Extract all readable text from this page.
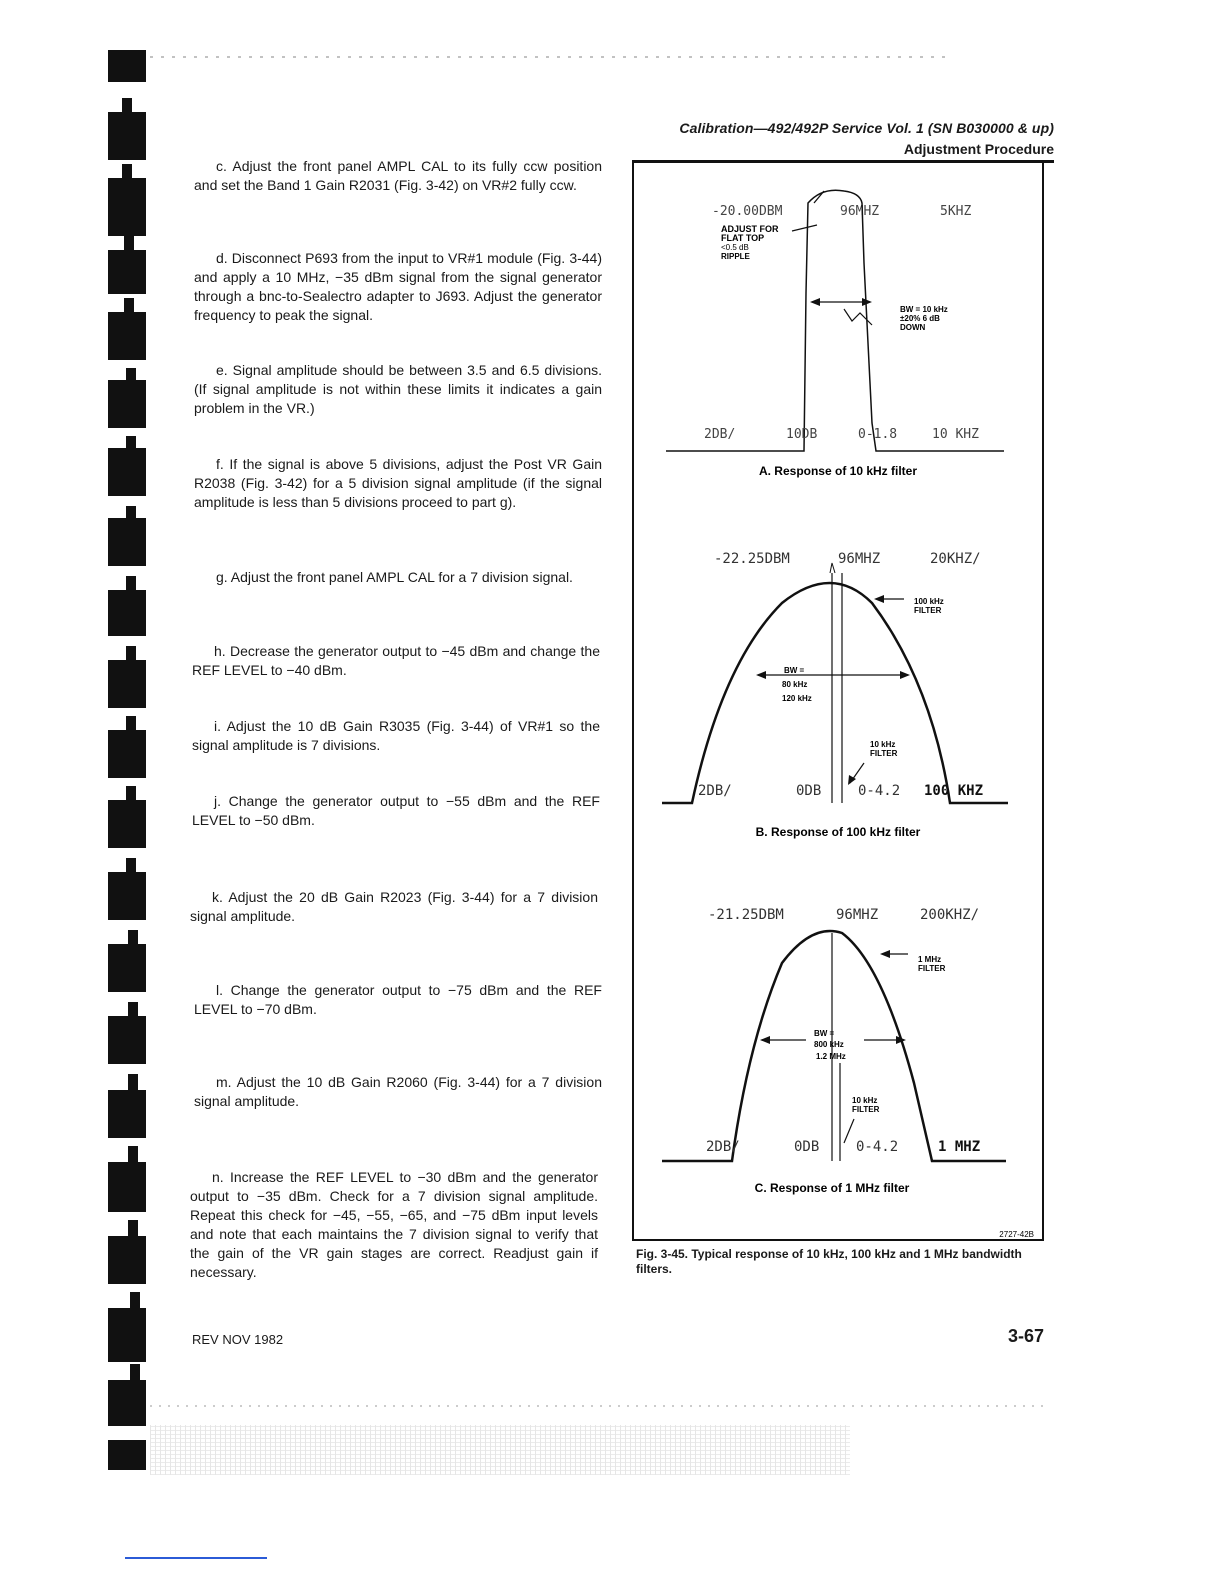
Calibration—492/492P Service Vol. 1 (SN B030000 & up)
Adjustment Procedure

c. Adjust the front panel AMPL CAL to its fully ccw position and set the Band 1 Gain R2031 (Fig. 3-42) on VR#2 fully ccw.

d. Disconnect P693 from the input to VR#1 module (Fig. 3-44) and apply a 10 MHz, −35 dBm signal from the signal generator through a bnc-to-Sealectro adapter to J693. Adjust the generator frequency to peak the signal.

e. Signal amplitude should be between 3.5 and 6.5 divisions. (If signal amplitude is not within these limits it indicates a gain problem in the VR.)

f. If the signal is above 5 divisions, adjust the Post VR Gain R2038 (Fig. 3-42) for a 5 division signal amplitude (if the signal amplitude is less than 5 divisions proceed to part g).

g. Adjust the front panel AMPL CAL for a 7 division signal.

h. Decrease the generator output to −45 dBm and change the REF LEVEL to −40 dBm.

i. Adjust the 10 dB Gain R3035 (Fig. 3-44) of VR#1 so the signal amplitude is 7 divisions.

j. Change the generator output to −55 dBm and the REF LEVEL to −50 dBm.

k. Adjust the 20 dB Gain R2023 (Fig. 3-44) for a 7 division signal amplitude.

l. Change the generator output to −75 dBm and the REF LEVEL to −70 dBm.

m. Adjust the 10 dB Gain R2060 (Fig. 3-44) for a 7 division signal amplitude.

n. Increase the REF LEVEL to −30 dBm and the generator output to −35 dBm. Check for a 7 division signal amplitude. Repeat this check for −45, −55, −65, and −75 dBm input levels and note that each maintains the 7 division signal to verify that the gain of the VR gain stages are correct. Readjust gain if necessary.

REV NOV 1982	3-67
-20.00DBM	96MHZ	5KHZ
ADJUST FOR
FLAT TOP
<0.5 dB
RIPPLE
BW = 10 kHz
±20% 6 dB
DOWN
2DB/	10DB	0-1.8	10 KHZ
A. Response of 10 kHz filter
-22.25DBM	96MHZ	20KHZ/
100 kHz
FILTER
BW =
80 kHz
120 kHz
10 kHz
FILTER
2DB/	0DB	0-4.2 100 KHZ
B. Response of 100 kHz filter
-21.25DBM	96MHZ	200KHZ/
1 MHz
FILTER
BW =
800 kHz
1.2 MHz
10 kHz
FILTER
2DB/	0DB	0-4.2	1 MHZ
C. Response of 1 MHz filter
2727-42B
Fig. 3-45. Typical response of 10 kHz, 100 kHz and 1 MHz bandwidth filters.
